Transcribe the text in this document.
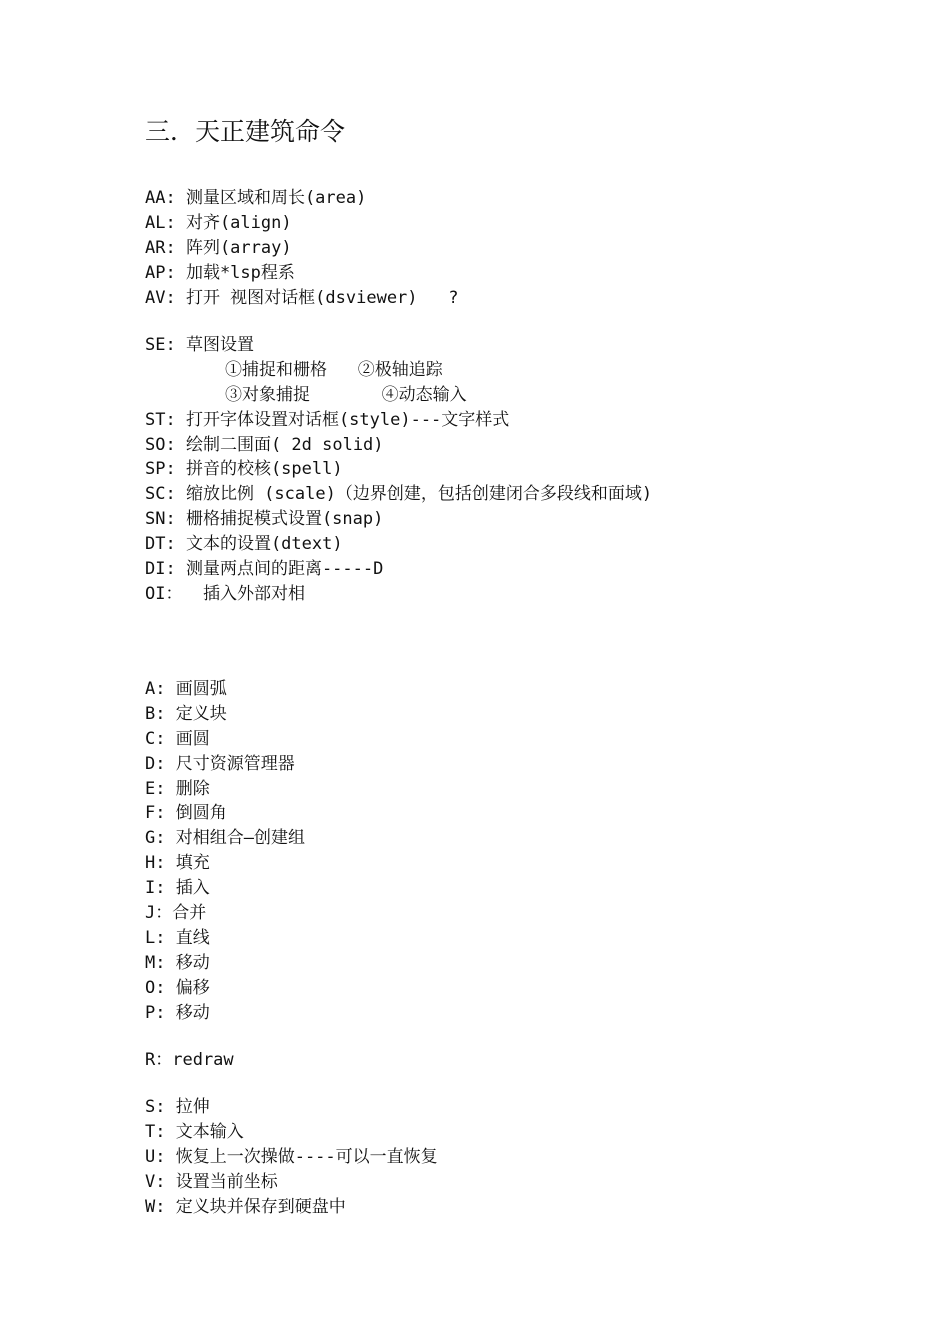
三．天正建筑命令
AA: 测量区域和周长(area)
AL: 对齐(align)
AR: 阵列(array)
AP: 加载*lsp程系
AV: 打开 视图对话框(dsviewer)   ?
SE: 草图设置
①捕捉和栅格   ②极轴追踪
③对象捕捉       ④动态输入
ST: 打开字体设置对话框(style)---文字样式
SO: 绘制二围面( 2d solid)
SP: 拼音的校核(spell)
SC: 缩放比例 (scale)（边界创建，包括创建闭合多段线和面域)
SN: 栅格捕捉模式设置(snap)
DT: 文本的设置(dtext)
DI: 测量两点间的距离-----D
OI：  插入外部对相
A: 画圆弧
B: 定义块
C: 画圆
D: 尺寸资源管理器
E: 删除
F: 倒圆角
G: 对相组合—创建组
H: 填充
I: 插入
J：合并
L: 直线
M: 移动
O: 偏移
P: 移动
R：redraw
S: 拉伸
T: 文本输入
U: 恢复上一次操做----可以一直恢复
V: 设置当前坐标
W: 定义块并保存到硬盘中
